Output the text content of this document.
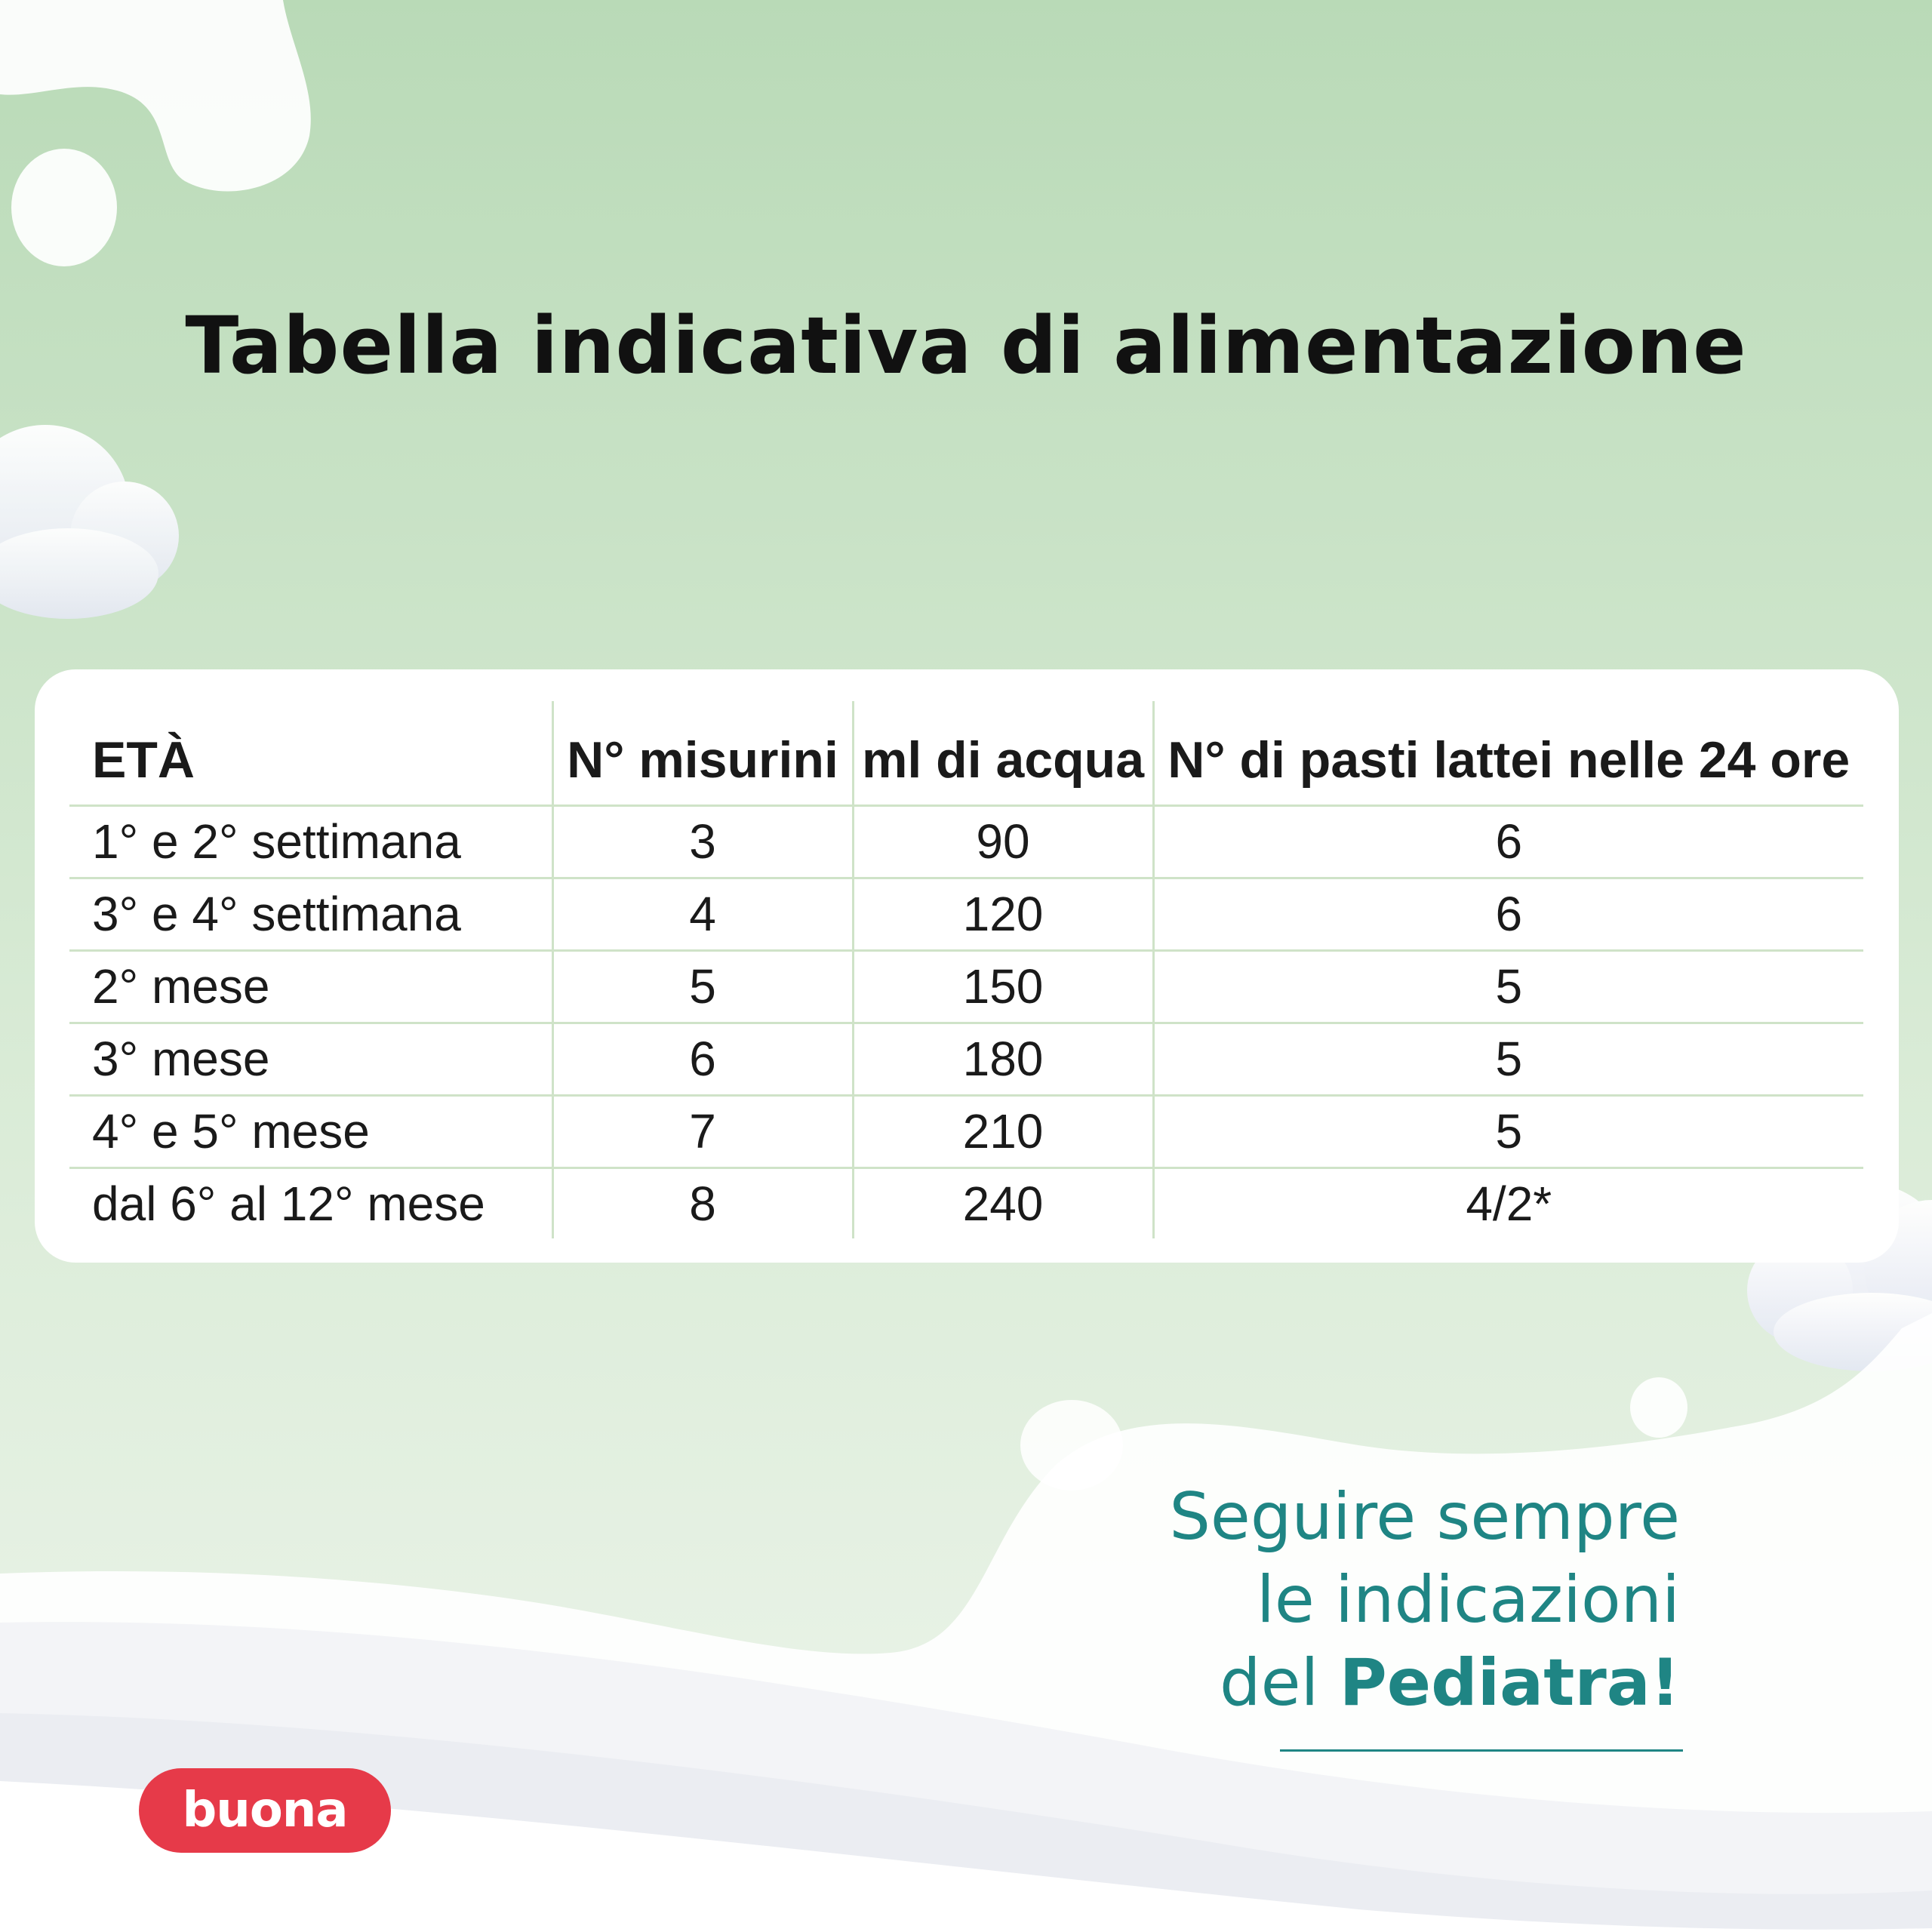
Tabella indicativa di alimentazione
ETÀ	N° misurini	ml di acqua	N° di pasti lattei nelle 24 ore
1° e 2° settimana	3	90	6
3° e 4° settimana	4	120	6
2° mese	5	150	5
3° mese	6	180	5
4° e 5° mese	7	210	5
dal 6° al 12° mese	8	240	4/2*
Seguire sempre
le indicazioni
del Pediatra!
buona
